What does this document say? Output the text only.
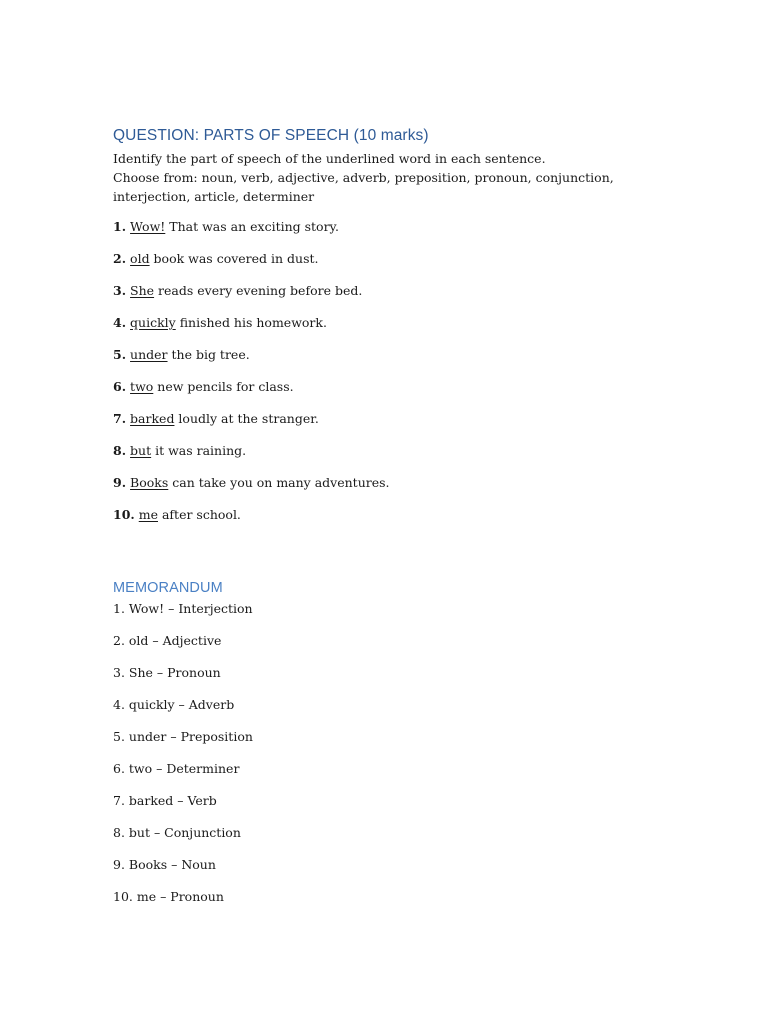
QUESTION: PARTS OF SPEECH (10 marks)

Identify the part of speech of the underlined word in each sentence.
Choose from: noun, verb, adjective, adverb, preposition, pronoun, conjunction, interjection, article, determiner

1. Wow! That was an exciting story.
2. old book was covered in dust.
3. She reads every evening before bed.
4. quickly finished his homework.
5. under the big tree.
6. two new pencils for class.
7. barked loudly at the stranger.
8. but it was raining.
9. Books can take you on many adventures.
10. me after school.
MEMORANDUM
1. Wow! – Interjection
2. old – Adjective
3. She – Pronoun
4. quickly – Adverb
5. under – Preposition
6. two – Determiner
7. barked – Verb
8. but – Conjunction
9. Books – Noun
10. me – Pronoun
